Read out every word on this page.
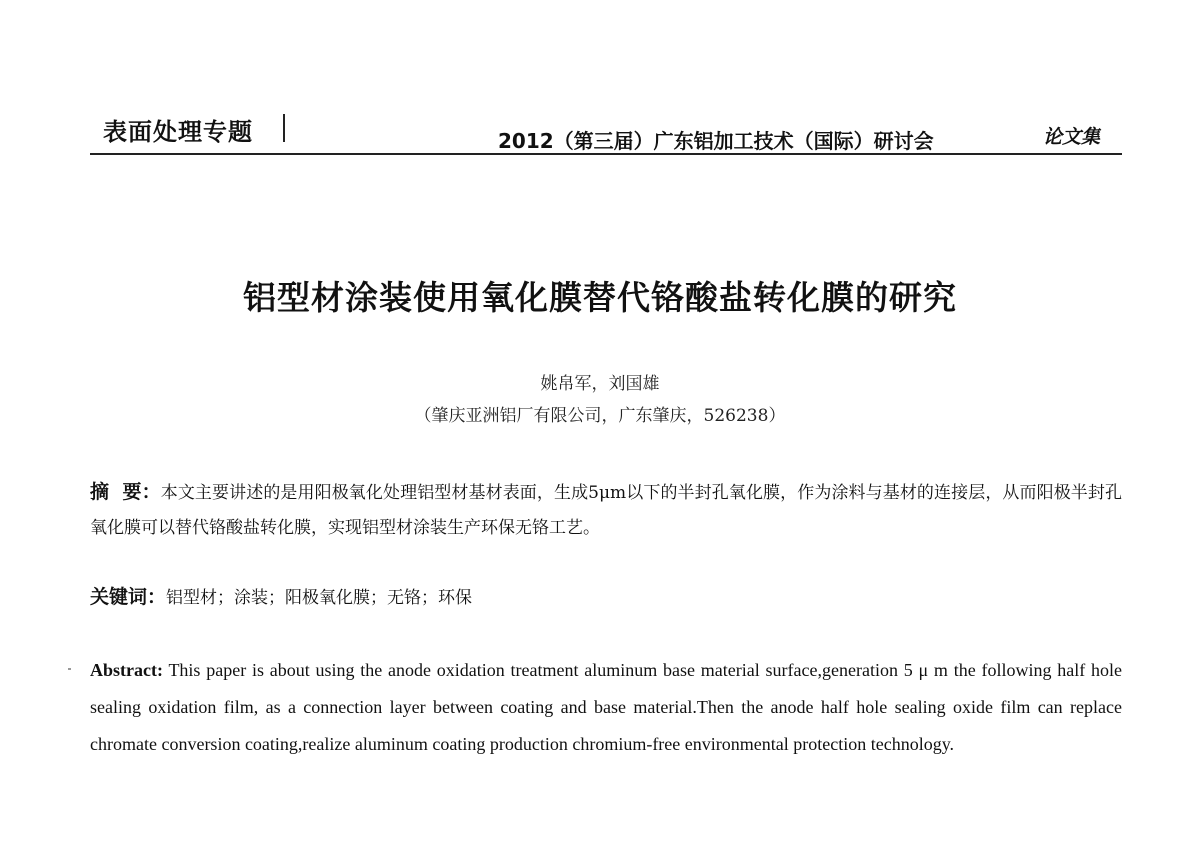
表面处理专题	2012（第三届）广东铝加工技术（国际）研讨会	论文集
铝型材涂装使用氧化膜替代铬酸盐转化膜的研究
姚帛军，刘国雄
（肇庆亚洲铝厂有限公司，广东肇庆，526238）
摘  要：本文主要讲述的是用阳极氧化处理铝型材基材表面，生成5μm以下的半封孔氧化膜，作为涂料与基材的连接层，从而阳极半封孔氧化膜可以替代铬酸盐转化膜，实现铝型材涂装生产环保无铬工艺。
关键词：铝型材；涂装；阳极氧化膜；无铬；环保
Abstract: This paper is about using the anode oxidation treatment aluminum base material surface,generation 5 μ m the following half hole sealing oxidation film, as a connection layer between coating and base material.Then the anode half hole sealing oxide film can replace chromate conversion coating,realize aluminum coating production chromium-free environmental protection technology.
